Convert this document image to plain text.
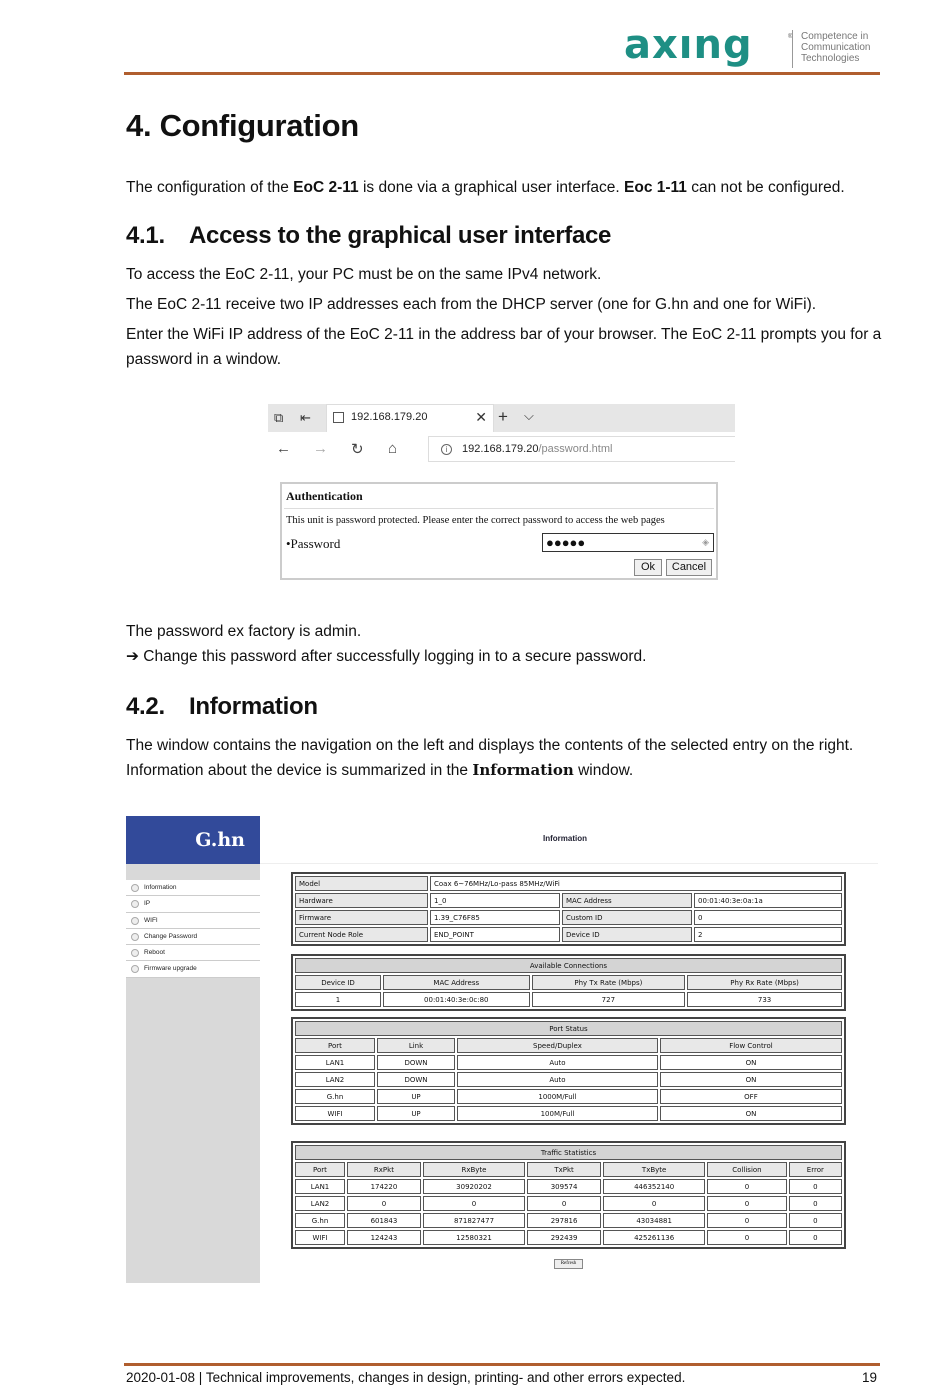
axıng	® Competence in
Communication
Technologies
4. Configuration
The configuration of the EoC 2-11 is done via a graphical user interface. Eoc 1-11 can not be configured.
4.1. Access to the graphical user interface
To access the EoC 2-11, your PC must be on the same IPv4 network.
The EoC 2-11 receive two IP addresses each from the DHCP server (one for G.hn and one for WiFi).
Enter the WiFi IP address of the EoC 2-11 in the address bar of your browser. The EoC 2-11 prompts you for a
password in a window.
⧉ ⇤	192.168.179.20	✕ + ⌵
← → ↻ ⌂	i	192.168.179.20/password.html
Authentication
This unit is password protected. Please enter the correct password to access the web pages
•Password	●●●●●	◈
Ok	Cancel
The password ex factory is admin.
➔ Change this password after successfully logging in to a secure password.
4.2. Information
The window contains the navigation on the left and displays the contents of the selected entry on the right.
Information about the device is summarized in the Information window.
G.hn
Information
IP
WIFI
Change Password
Reboot
Firmware upgrade
Information
Model	Coax 6~76MHz/Lo-pass 85MHz/WiFi		
Hardware	1_0	MAC Address	00:01:40:3e:0a:1a
Firmware	1.39_C76F85	Custom ID	0
Current Node Role	END_POINT	Device ID	2
Available Connections			
Device ID	MAC Address	Phy Tx Rate (Mbps)	Phy Rx Rate (Mbps)
1	00:01:40:3e:0c:80	727	733
Port Status			
Port	Link	Speed/Duplex	Flow Control
LAN1	DOWN	Auto	ON
LAN2	DOWN	Auto	ON
G.hn	UP	1000M/Full	OFF
WIFI	UP	100M/Full	ON
Traffic Statistics						
Port	RxPkt	RxByte	TxPkt	TxByte	Collision	Error
LAN1	174220	30920202	309574	446352140	0	0
LAN2	0	0	0	0	0	0
G.hn	601843	871827477	297816	43034881	0	0
WIFI	124243	12580321	292439	425261136	0	0
Refresh
2020-01-08 | Technical improvements, changes in design, printing- and other errors expected.	19
